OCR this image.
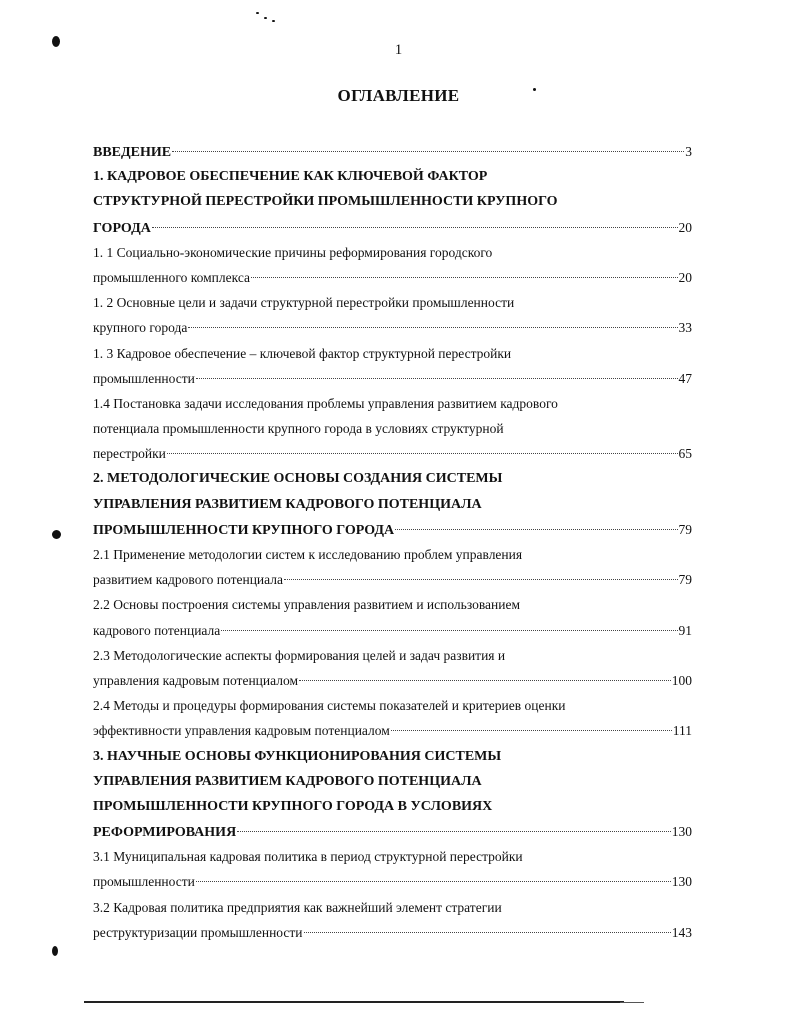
1
ОГЛАВЛЕНИЕ
ВВЕДЕНИЕ	3
1. КАДРОВОЕ ОБЕСПЕЧЕНИЕ КАК КЛЮЧЕВОЙ ФАКТОР
СТРУКТУРНОЙ ПЕРЕСТРОЙКИ ПРОМЫШЛЕННОСТИ КРУПНОГО
ГОРОДА	20
1. 1 Социально-экономические причины реформирования городского
промышленного комплекса	20
1. 2 Основные цели и задачи структурной перестройки промышленности
крупного города	33
1. 3 Кадровое обеспечение – ключевой фактор структурной перестройки
промышленности	47
1.4 Постановка задачи исследования проблемы управления развитием кадрового
потенциала промышленности крупного города в условиях структурной
перестройки	65
2. МЕТОДОЛОГИЧЕСКИЕ ОСНОВЫ СОЗДАНИЯ СИСТЕМЫ
УПРАВЛЕНИЯ РАЗВИТИЕМ КАДРОВОГО ПОТЕНЦИАЛА
ПРОМЫШЛЕННОСТИ КРУПНОГО ГОРОДА	79
2.1 Применение методологии систем к исследованию проблем управления
развитием кадрового потенциала	79
2.2 Основы построения системы управления развитием и использованием
кадрового потенциала	91
2.3 Методологические аспекты формирования целей и задач развития и
управления кадровым потенциалом	100
2.4 Методы и процедуры формирования системы показателей и критериев оценки
эффективности управления кадровым потенциалом	111
3. НАУЧНЫЕ ОСНОВЫ ФУНКЦИОНИРОВАНИЯ СИСТЕМЫ
УПРАВЛЕНИЯ РАЗВИТИЕМ КАДРОВОГО ПОТЕНЦИАЛА
ПРОМЫШЛЕННОСТИ КРУПНОГО ГОРОДА В УСЛОВИЯХ
РЕФОРМИРОВАНИЯ	130
3.1 Муниципальная кадровая политика в период структурной перестройки
промышленности	130
3.2 Кадровая политика предприятия как важнейший элемент стратегии
реструктуризации промышленности	143
